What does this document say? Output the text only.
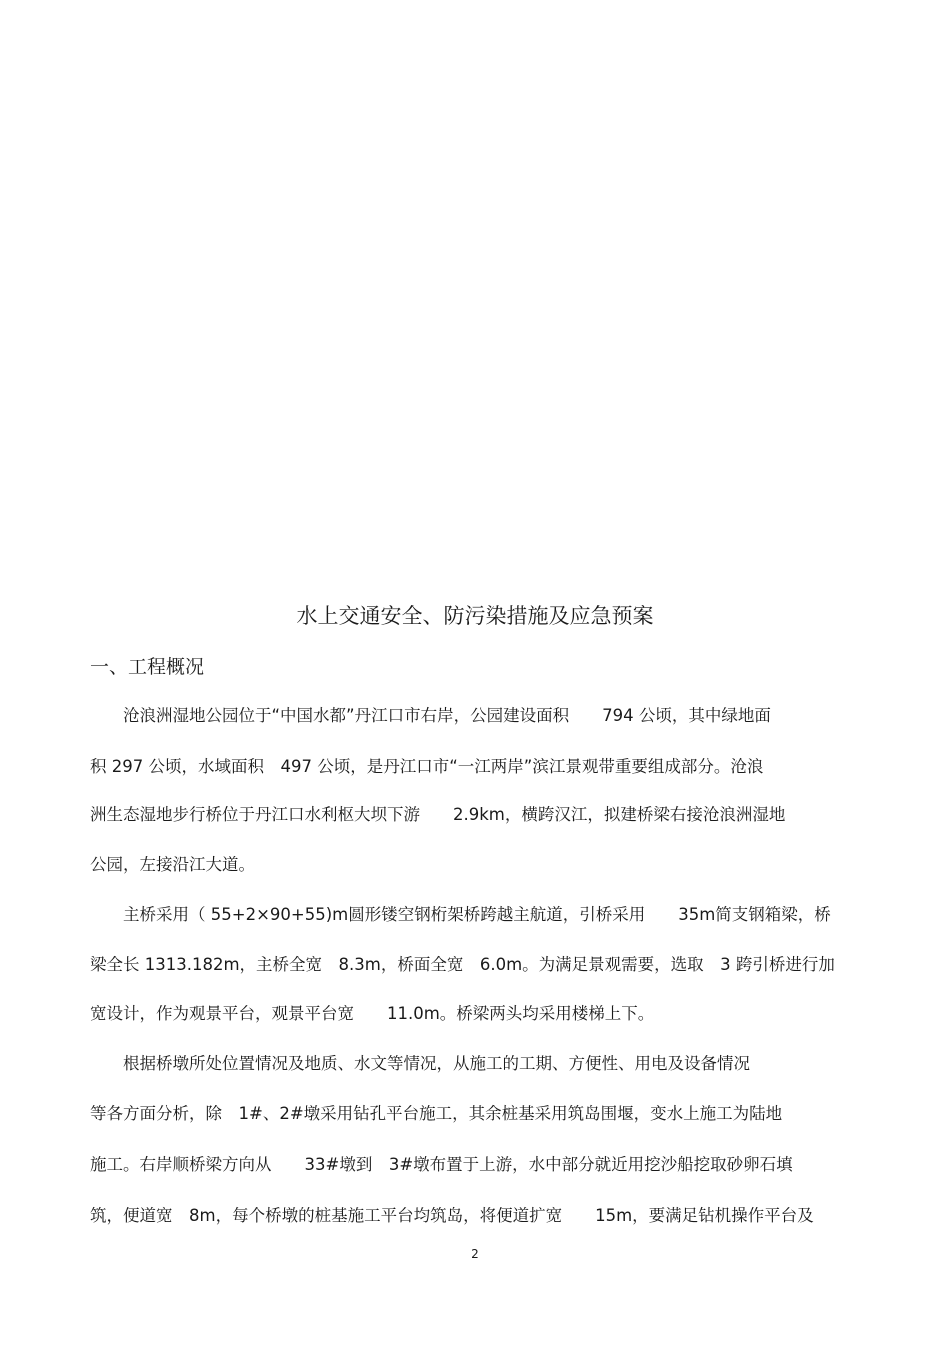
水上交通安全、防污染措施及应急预案
一、工程概况
　　沧浪洲湿地公园位于“中国水都”丹江口市右岸，公园建设面积　　794 公顷，其中绿地面
积 297 公顷，水域面积　497 公顷，是丹江口市“一江两岸”滨江景观带重要组成部分。沧浪
洲生态湿地步行桥位于丹江口水利枢大坝下游　　2.9km，横跨汉江，拟建桥梁右接沧浪洲湿地
公园，左接沿江大道。
　　主桥采用（ 55+2×90+55)m圆形镂空钢桁架桥跨越主航道，引桥采用　　35m简支钢箱梁，桥
梁全长 1313.182m，主桥全宽　8.3m，桥面全宽　6.0m。为满足景观需要，选取　3 跨引桥进行加
宽设计，作为观景平台，观景平台宽　　11.0m。桥梁两头均采用楼梯上下。
　　根据桥墩所处位置情况及地质、水文等情况，从施工的工期、方便性、用电及设备情况
等各方面分析，除　1#、2#墩采用钻孔平台施工，其余桩基采用筑岛围堰，变水上施工为陆地
施工。右岸顺桥梁方向从　　33#墩到　3#墩布置于上游，水中部分就近用挖沙船挖取砂卵石填
筑，便道宽　8m，每个桥墩的桩基施工平台均筑岛，将便道扩宽　　15m，要满足钻机操作平台及
2
